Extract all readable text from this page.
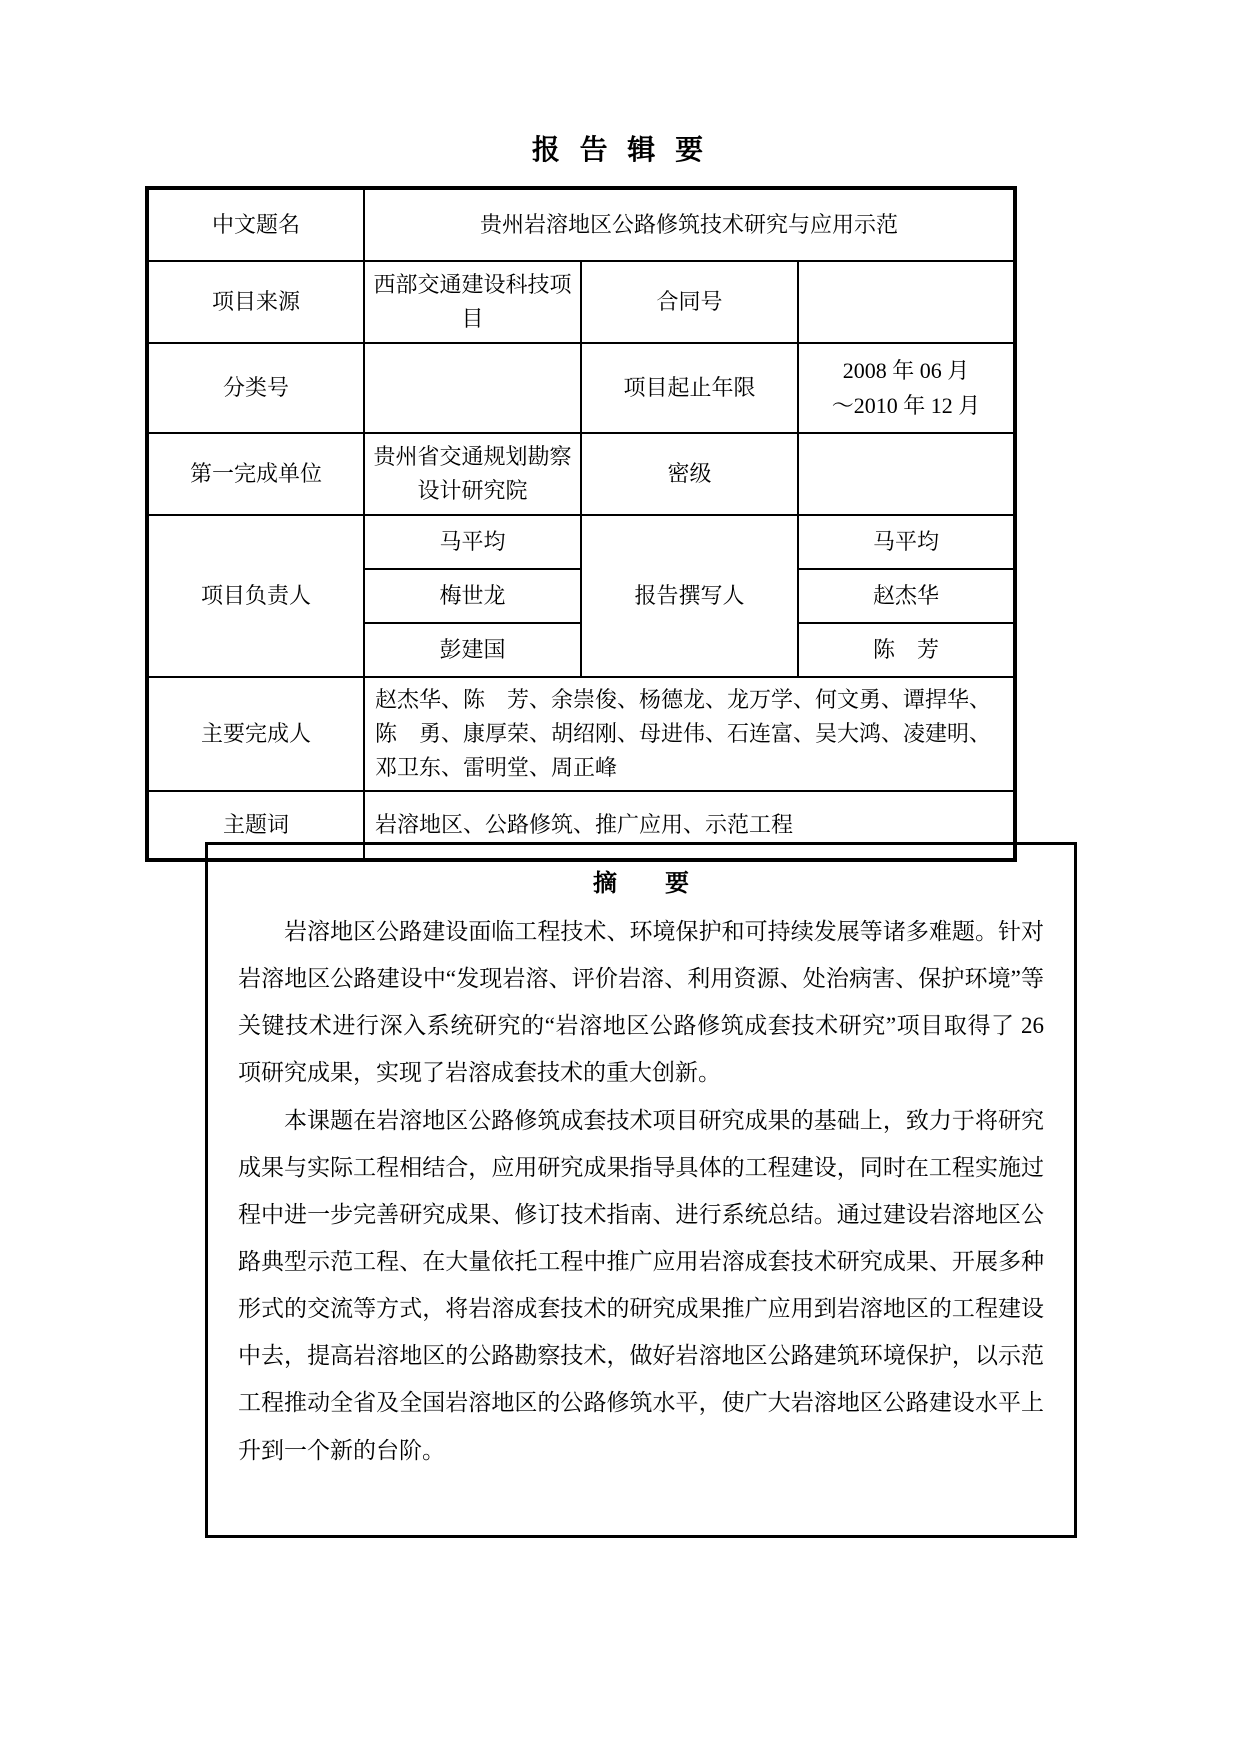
报 告 辑 要
中文题名	贵州岩溶地区公路修筑技术研究与应用示范		
项目来源	西部交通建设科技项目	合同号	
分类号		项目起止年限	2008 年 06 月
～2010 年 12 月

第一完成单位	贵州省交通规划勘察设计研究院	密级	
项目负责人	马平均	报告撰写人	马平均
	梅世龙		赵杰华
	彭建国		陈　芳
主要完成人	赵杰华、陈　芳、余崇俊、杨德龙、龙万学、何文勇、谭捍华、陈　勇、康厚荣、胡绍刚、母进伟、石连富、吴大鸿、凌建明、邓卫东、雷明堂、周正峰		
主题词	岩溶地区、公路修筑、推广应用、示范工程		
摘　　要

岩溶地区公路建设面临工程技术、环境保护和可持续发展等诸多难题。针对岩溶地区公路建设中“发现岩溶、评价岩溶、利用资源、处治病害、保护环境”等关键技术进行深入系统研究的“岩溶地区公路修筑成套技术研究”项目取得了 26 项研究成果，实现了岩溶成套技术的重大创新。

本课题在岩溶地区公路修筑成套技术项目研究成果的基础上，致力于将研究成果与实际工程相结合，应用研究成果指导具体的工程建设，同时在工程实施过程中进一步完善研究成果、修订技术指南、进行系统总结。通过建设岩溶地区公路典型示范工程、在大量依托工程中推广应用岩溶成套技术研究成果、开展多种形式的交流等方式，将岩溶成套技术的研究成果推广应用到岩溶地区的工程建设中去，提高岩溶地区的公路勘察技术，做好岩溶地区公路建筑环境保护，以示范工程推动全省及全国岩溶地区的公路修筑水平，使广大岩溶地区公路建设水平上升到一个新的台阶。
